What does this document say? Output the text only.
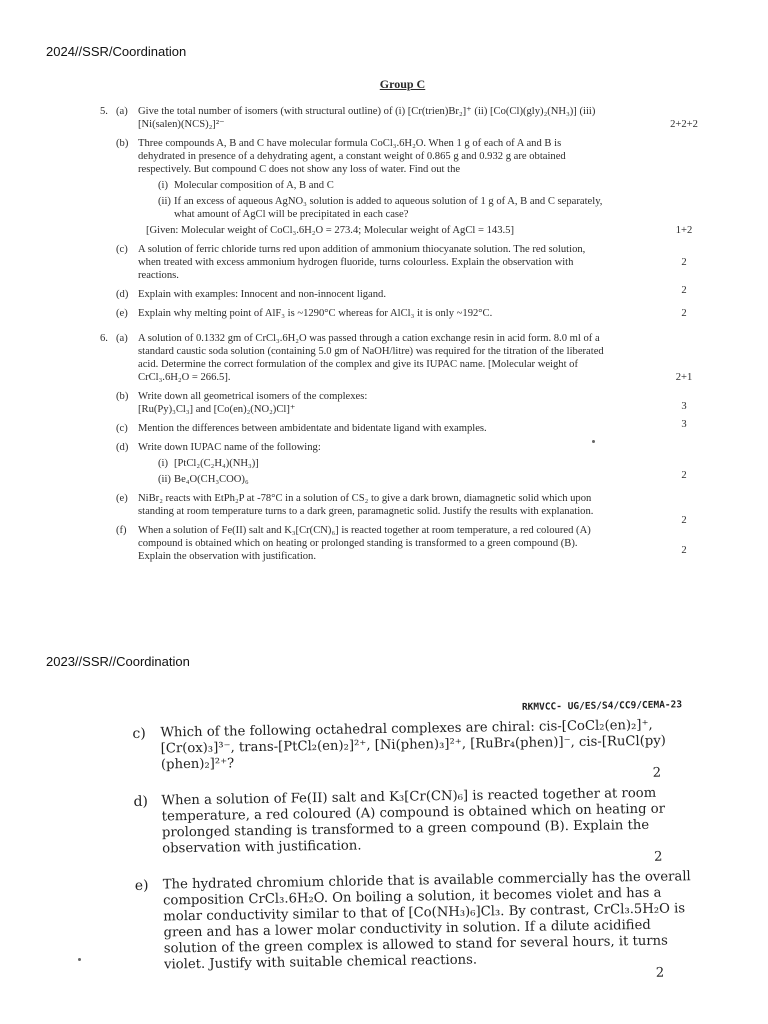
2024//SSR/Coordination
Group C
5. (a) Give the total number of isomers (with structural outline) of (i) [Cr(trien)Br₂]⁺ (ii) [Co(Cl)(gly)₂(NH₃)] (iii) [Ni(salen)(NCS)₂]²⁻	2+2+2
(b) Three compounds A, B and C have molecular formula CoCl₃.6H₂O. When 1 g of each of A and B is dehydrated in presence of a dehydrating agent, a constant weight of 0.865 g and 0.932 g are obtained respectively. But compound C does not show any loss of water. Find out the
(i) Molecular composition of A, B and C
(ii) If an excess of aqueous AgNO₃ solution is added to aqueous solution of 1 g of A, B and C separately, what amount of AgCl will be precipitated in each case?
[Given: Molecular weight of CoCl₃.6H₂O = 273.4; Molecular weight of AgCl = 143.5]	1+2
(c) A solution of ferric chloride turns red upon addition of ammonium thiocyanate solution. The red solution, when treated with excess ammonium hydrogen fluoride, turns colourless. Explain the observation with reactions.
2
(d) Explain with examples: Innocent and non-innocent ligand.	2
(e) Explain why melting point of AlF₃ is ~1290°C whereas for AlCl₃ it is only ~192°C.	2
6. (a) A solution of 0.1332 gm of CrCl₃.6H₂O was passed through a cation exchange resin in acid form. 8.0 ml of a standard caustic soda solution (containing 5.0 gm of NaOH/litre) was required for the titration of the liberated acid. Determine the correct formulation of the complex and give its IUPAC name. [Molecular weight of CrCl₃.6H₂O = 266.5].	2+1
(b) Write down all geometrical isomers of the complexes:
[Ru(Py)₃Cl₃] and [Co(en)₂(NO₂)Cl]⁺	3
(c) Mention the differences between ambidentate and bidentate ligand with examples.	3
(d) Write down IUPAC name of the following:
(i) [PtCl₂(C₂H₄)(NH₃)]
(ii) Be₄O(CH₃COO)₆	2
(e) NiBr₂ reacts with EtPh₂P at -78°C in a solution of CS₂ to give a dark brown, diamagnetic solid which upon standing at room temperature turns to a dark green, paramagnetic solid. Justify the results with explanation.
2
(f) When a solution of Fe(II) salt and K₃[Cr(CN)₆] is reacted together at room temperature, a red coloured (A) compound is obtained which on heating or prolonged standing is transformed to a green compound (B). Explain the observation with justification.
2
2023//SSR//Coordination
RKMVCC- UG/ES/S4/CC9/CEMA-23
c) Which of the following octahedral complexes are chiral: cis-[CoCl₂(en)₂]⁺, [Cr(ox)₃]³⁻, trans-[PtCl₂(en)₂]²⁺, [Ni(phen)₃]²⁺, [RuBr₄(phen)]⁻, cis-[RuCl(py)(phen)₂]²⁺?
2
d) When a solution of Fe(II) salt and K₃[Cr(CN)₆] is reacted together at room temperature, a red coloured (A) compound is obtained which on heating or prolonged standing is transformed to a green compound (B). Explain the observation with justification.
2
e) The hydrated chromium chloride that is available commercially has the overall composition CrCl₃.6H₂O. On boiling a solution, it becomes violet and has a molar conductivity similar to that of [Co(NH₃)₆]Cl₃. By contrast, CrCl₃.5H₂O is green and has a lower molar conductivity in solution. If a dilute acidified solution of the green complex is allowed to stand for several hours, it turns violet. Justify with suitable chemical reactions.
2
